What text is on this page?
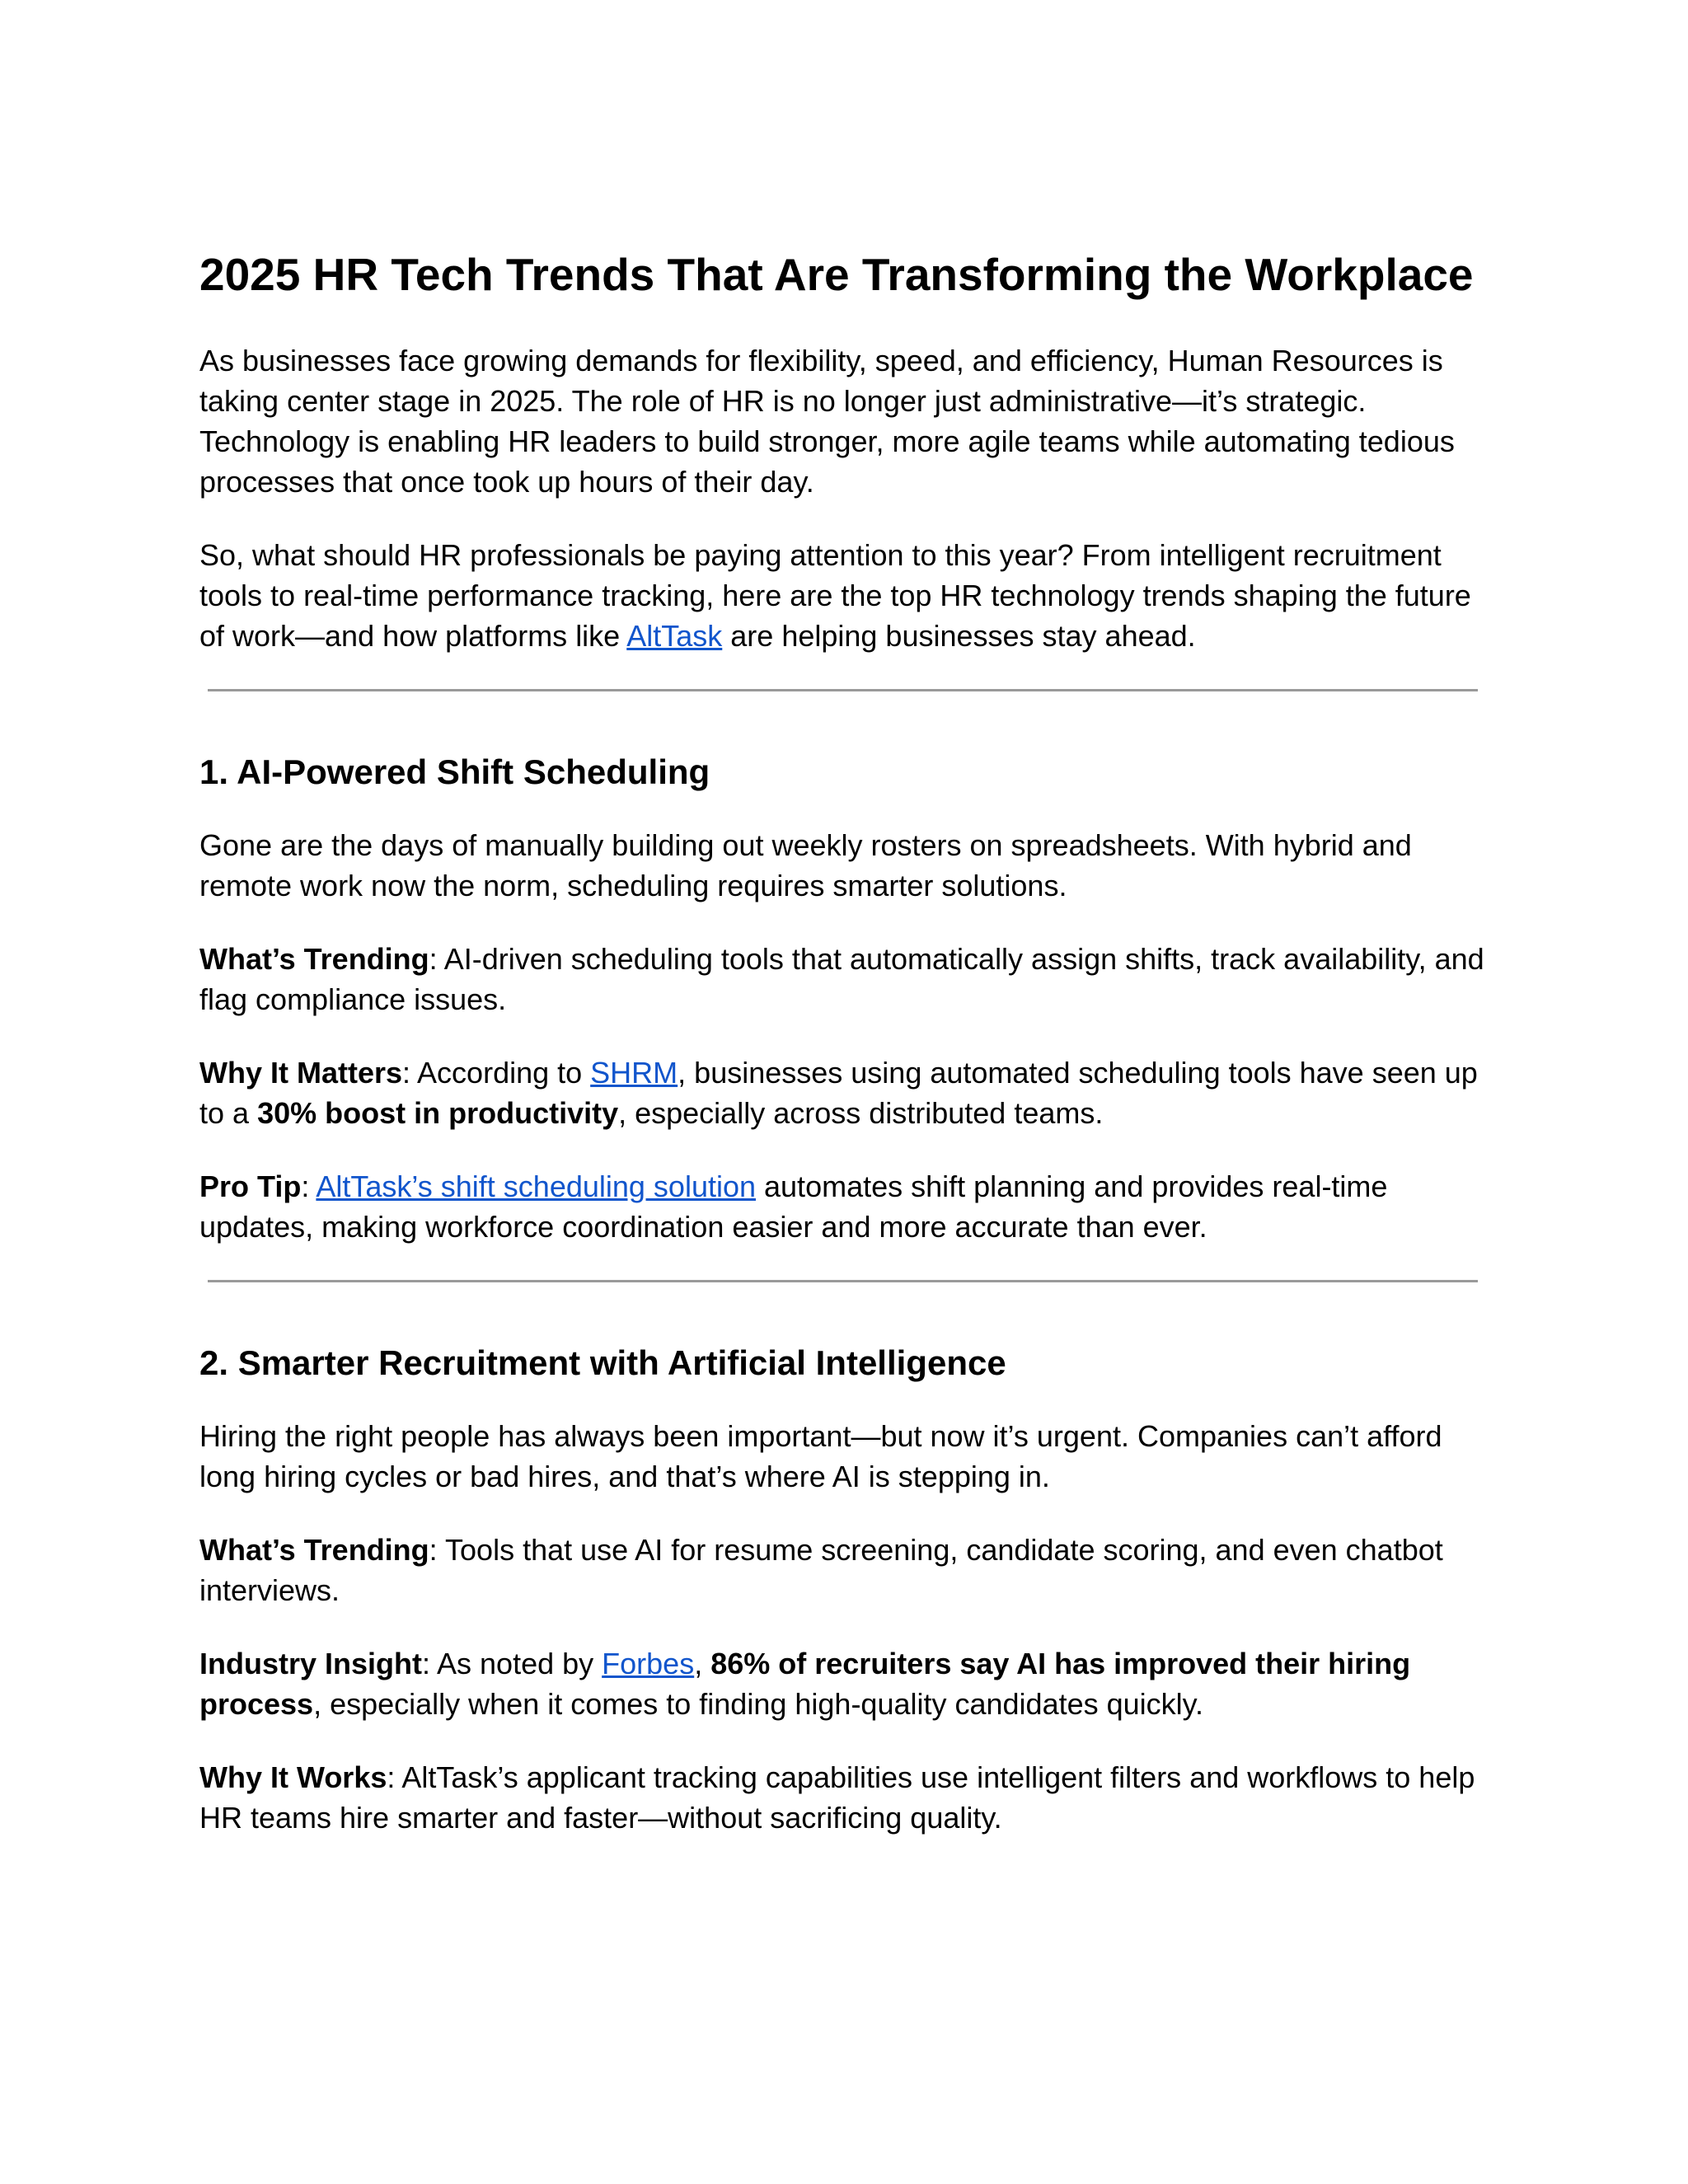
2025 HR Tech Trends That Are Transforming the Workplace

As businesses face growing demands for flexibility, speed, and efficiency, Human Resources is taking center stage in 2025. The role of HR is no longer just administrative—it’s strategic. Technology is enabling HR leaders to build stronger, more agile teams while automating tedious processes that once took up hours of their day.

So, what should HR professionals be paying attention to this year? From intelligent recruitment tools to real-time performance tracking, here are the top HR technology trends shaping the future of work—and how platforms like AltTask are helping businesses stay ahead.

1. AI-Powered Shift Scheduling

Gone are the days of manually building out weekly rosters on spreadsheets. With hybrid and remote work now the norm, scheduling requires smarter solutions.

What’s Trending: AI-driven scheduling tools that automatically assign shifts, track availability, and flag compliance issues.

Why It Matters: According to SHRM, businesses using automated scheduling tools have seen up to a 30% boost in productivity, especially across distributed teams.

Pro Tip: AltTask’s shift scheduling solution automates shift planning and provides real-time updates, making workforce coordination easier and more accurate than ever.

2. Smarter Recruitment with Artificial Intelligence

Hiring the right people has always been important—but now it’s urgent. Companies can’t afford long hiring cycles or bad hires, and that’s where AI is stepping in.

What’s Trending: Tools that use AI for resume screening, candidate scoring, and even chatbot interviews.

Industry Insight: As noted by Forbes, 86% of recruiters say AI has improved their hiring process, especially when it comes to finding high-quality candidates quickly.

Why It Works: AltTask’s applicant tracking capabilities use intelligent filters and workflows to help HR teams hire smarter and faster—without sacrificing quality.
